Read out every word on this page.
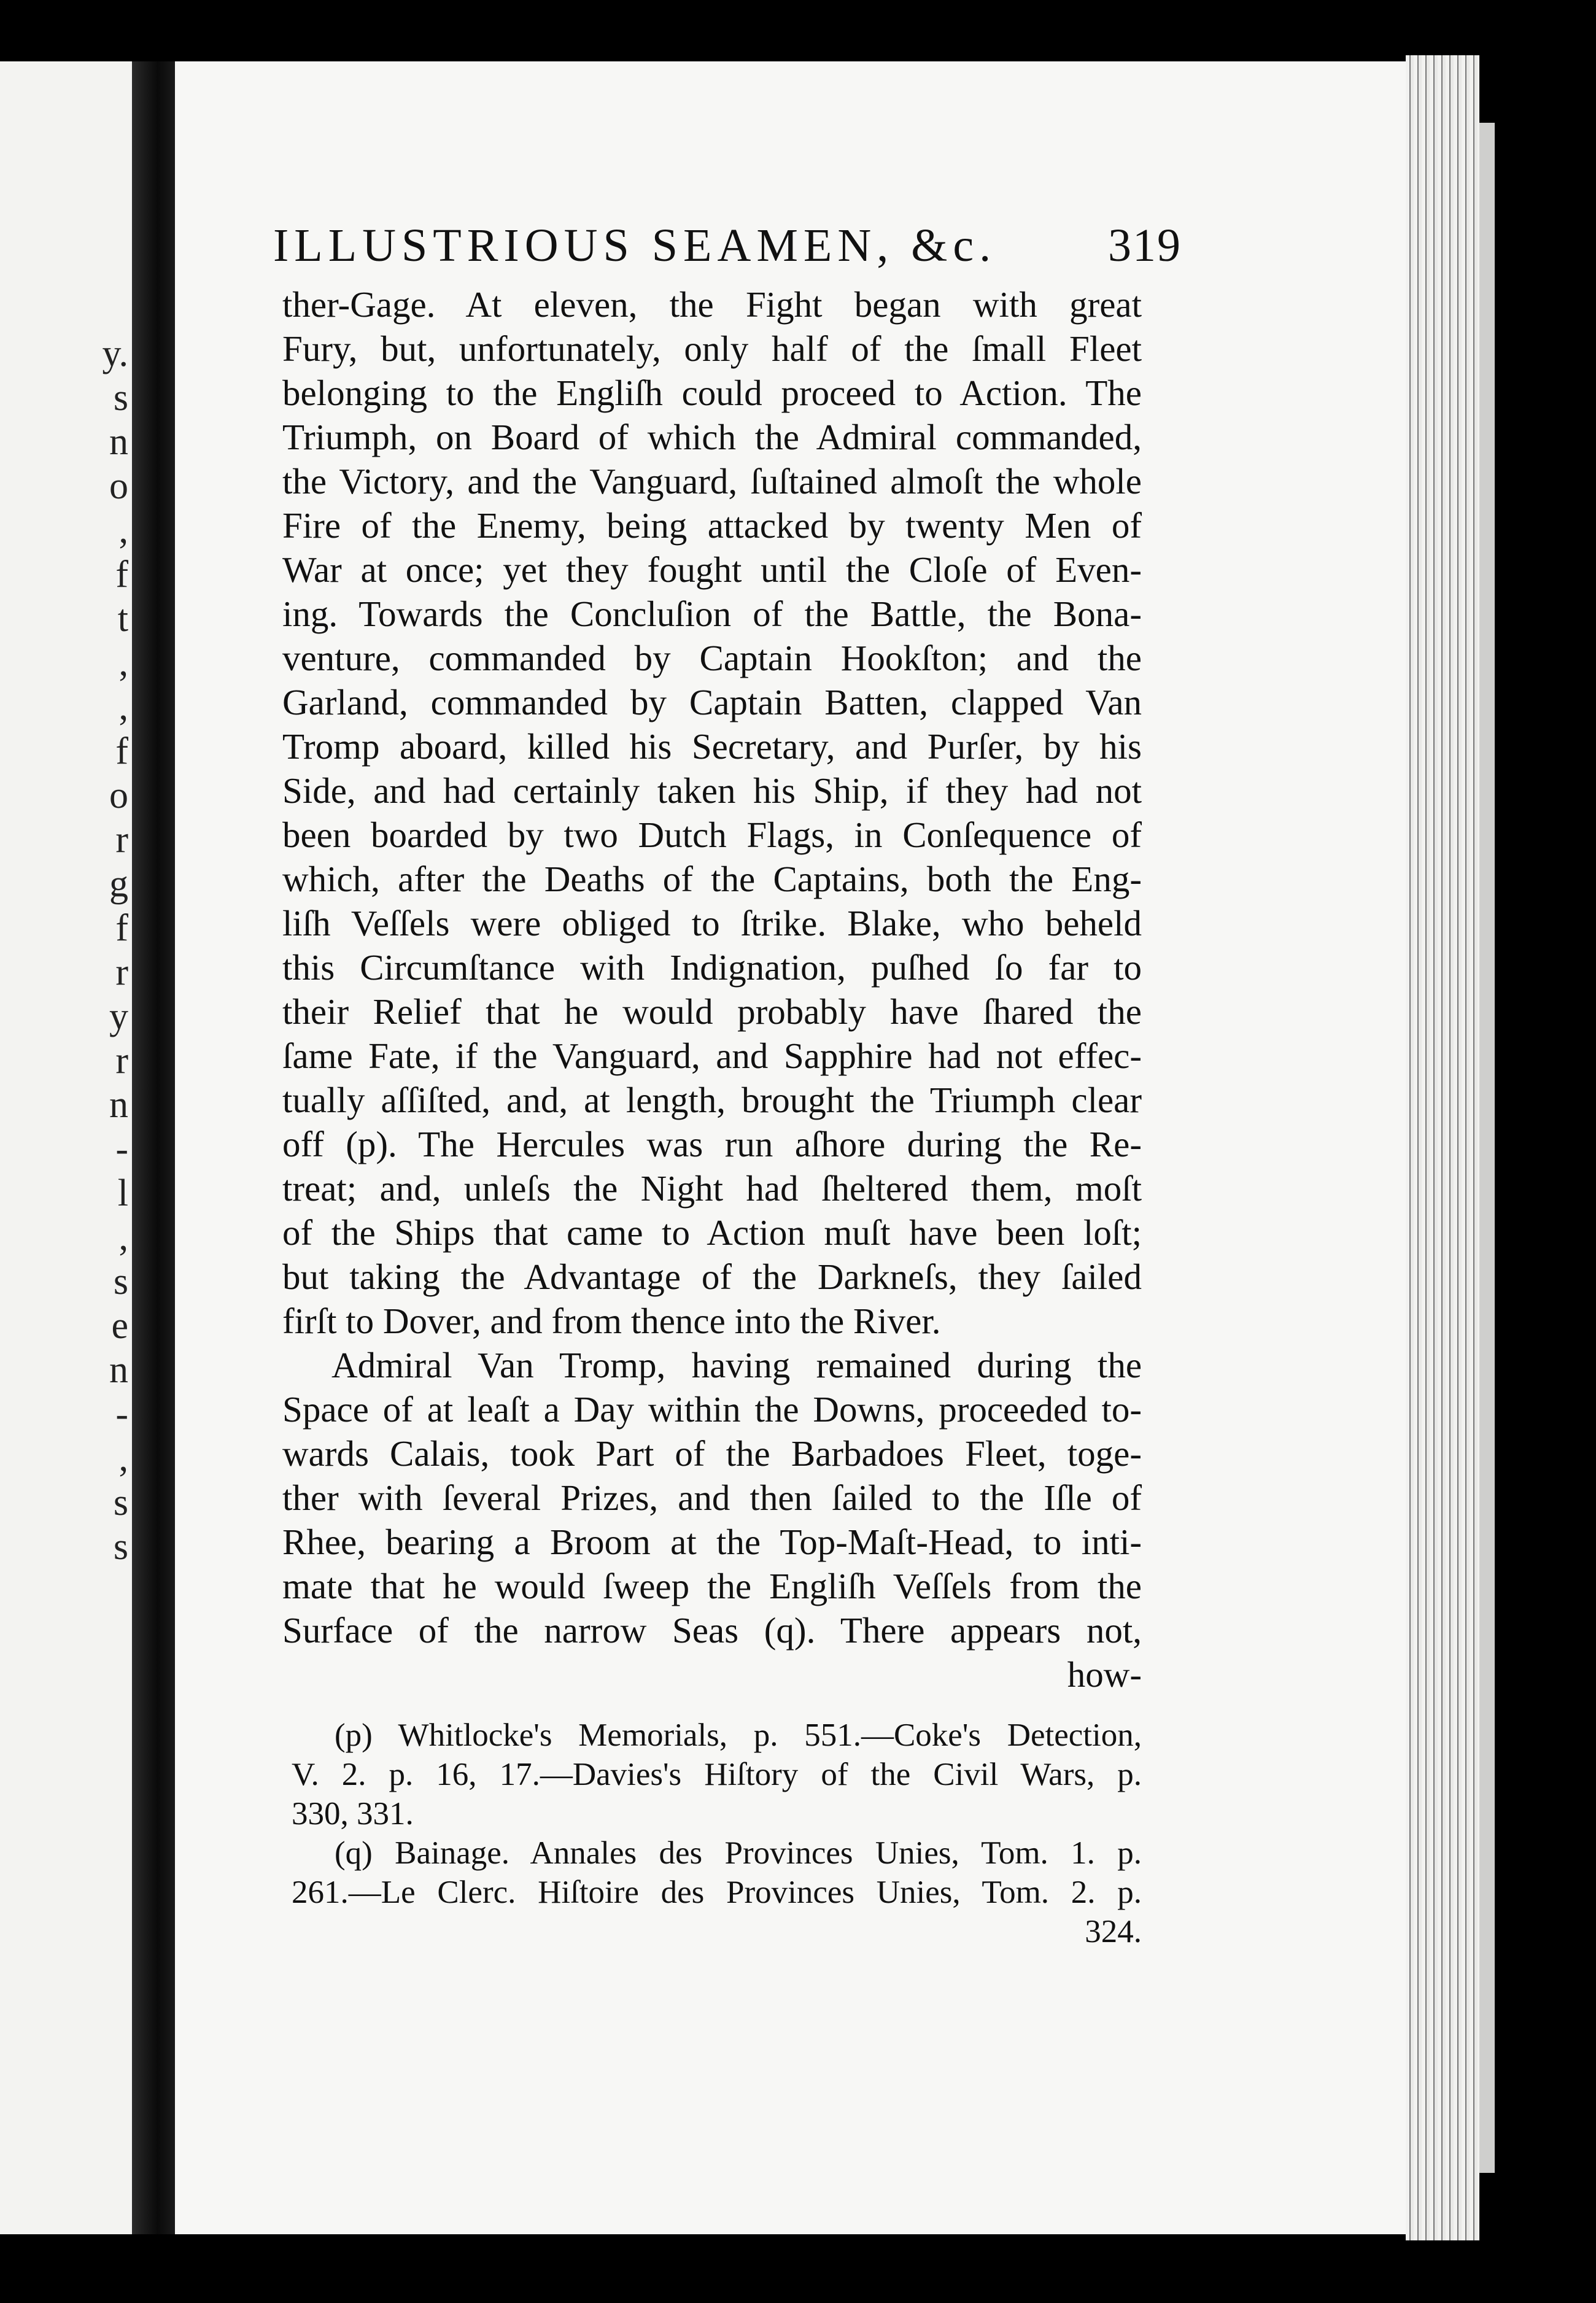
y.
s
n
o
,
f
t
,
,
f
o
r
g
f
r
y
r
n
-
l
,
s
e
n
-
,
s
s
ILLUSTRIOUS SEAMEN, &c. 319
ther-Gage. At eleven, the Fight began with great
Fury, but, unfortunately, only half of the ſmall Fleet
belonging to the Engliſh could proceed to Action. The
Triumph, on Board of which the Admiral commanded,
the Victory, and the Vanguard, ſuſtained almoſt the whole
Fire of the Enemy, being attacked by twenty Men of
War at once; yet they fought until the Cloſe of Even-
ing. Towards the Concluſion of the Battle, the Bona-
venture, commanded by Captain Hookſton; and the
Garland, commanded by Captain Batten, clapped Van
Tromp aboard, killed his Secretary, and Purſer, by his
Side, and had certainly taken his Ship, if they had not
been boarded by two Dutch Flags, in Conſequence of
which, after the Deaths of the Captains, both the Eng-
liſh Veſſels were obliged to ſtrike. Blake, who beheld
this Circumſtance with Indignation, puſhed ſo far to
their Relief that he would probably have ſhared the
ſame Fate, if the Vanguard, and Sapphire had not effec-
tually aſſiſted, and, at length, brought the Triumph clear
off (p). The Hercules was run aſhore during the Re-
treat; and, unleſs the Night had ſheltered them, moſt
of the Ships that came to Action muſt have been loſt;
but taking the Advantage of the Darkneſs, they ſailed
firſt to Dover, and from thence into the River.
Admiral Van Tromp, having remained during the
Space of at leaſt a Day within the Downs, proceeded to-
wards Calais, took Part of the Barbadoes Fleet, toge-
ther with ſeveral Prizes, and then ſailed to the Iſle of
Rhee, bearing a Broom at the Top-Maſt-Head, to inti-
mate that he would ſweep the Engliſh Veſſels from the
Surface of the narrow Seas (q). There appears not,
how-
(p) Whitlocke's Memorials, p. 551.—Coke's Detection,
V. 2. p. 16, 17.—Davies's Hiſtory of the Civil Wars, p.
330, 331.
(q) Bainage. Annales des Provinces Unies, Tom. 1. p.
261.—Le Clerc. Hiſtoire des Provinces Unies, Tom. 2. p.
324.
